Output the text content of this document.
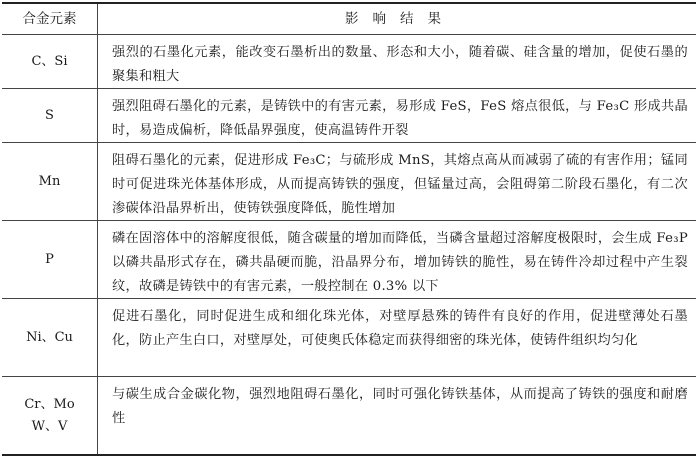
合金元素	影响结果
C、Si
强烈的石墨化元素，能改变石墨析出的数量、形态和大小，随着碳、硅含量的增加，促使石墨的聚集和粗大
S
强烈阻碍石墨化的元素，是铸铁中的有害元素，易形成 FeS，FeS 熔点很低，与 Fe₃C 形成共晶时，易造成偏析，降低晶界强度，使高温铸件开裂
Mn
阻碍石墨化的元素，促进形成 Fe₃C；与硫形成 MnS，其熔点高从而减弱了硫的有害作用；锰同时可促进珠光体基体形成，从而提高铸铁的强度，但锰量过高，会阻碍第二阶段石墨化，有二次渗碳体沿晶界析出，使铸铁强度降低，脆性增加
P
磷在固溶体中的溶解度很低，随含碳量的增加而降低，当磷含量超过溶解度极限时，会生成 Fe₃P 以磷共晶形式存在，磷共晶硬而脆，沿晶界分布，增加铸铁的脆性，易在铸件冷却过程中产生裂纹，故磷是铸铁中的有害元素，一般控制在 0.3% 以下
Ni、Cu
促进石墨化，同时促进生成和细化珠光体，对壁厚悬殊的铸件有良好的作用，促进壁薄处石墨化，防止产生白口，对壁厚处，可使奥氏体稳定而获得细密的珠光体，使铸件组织均匀化
Cr、Mo
W、V
与碳生成合金碳化物，强烈地阻碍石墨化，同时可强化铸铁基体，从而提高了铸铁的强度和耐磨性
